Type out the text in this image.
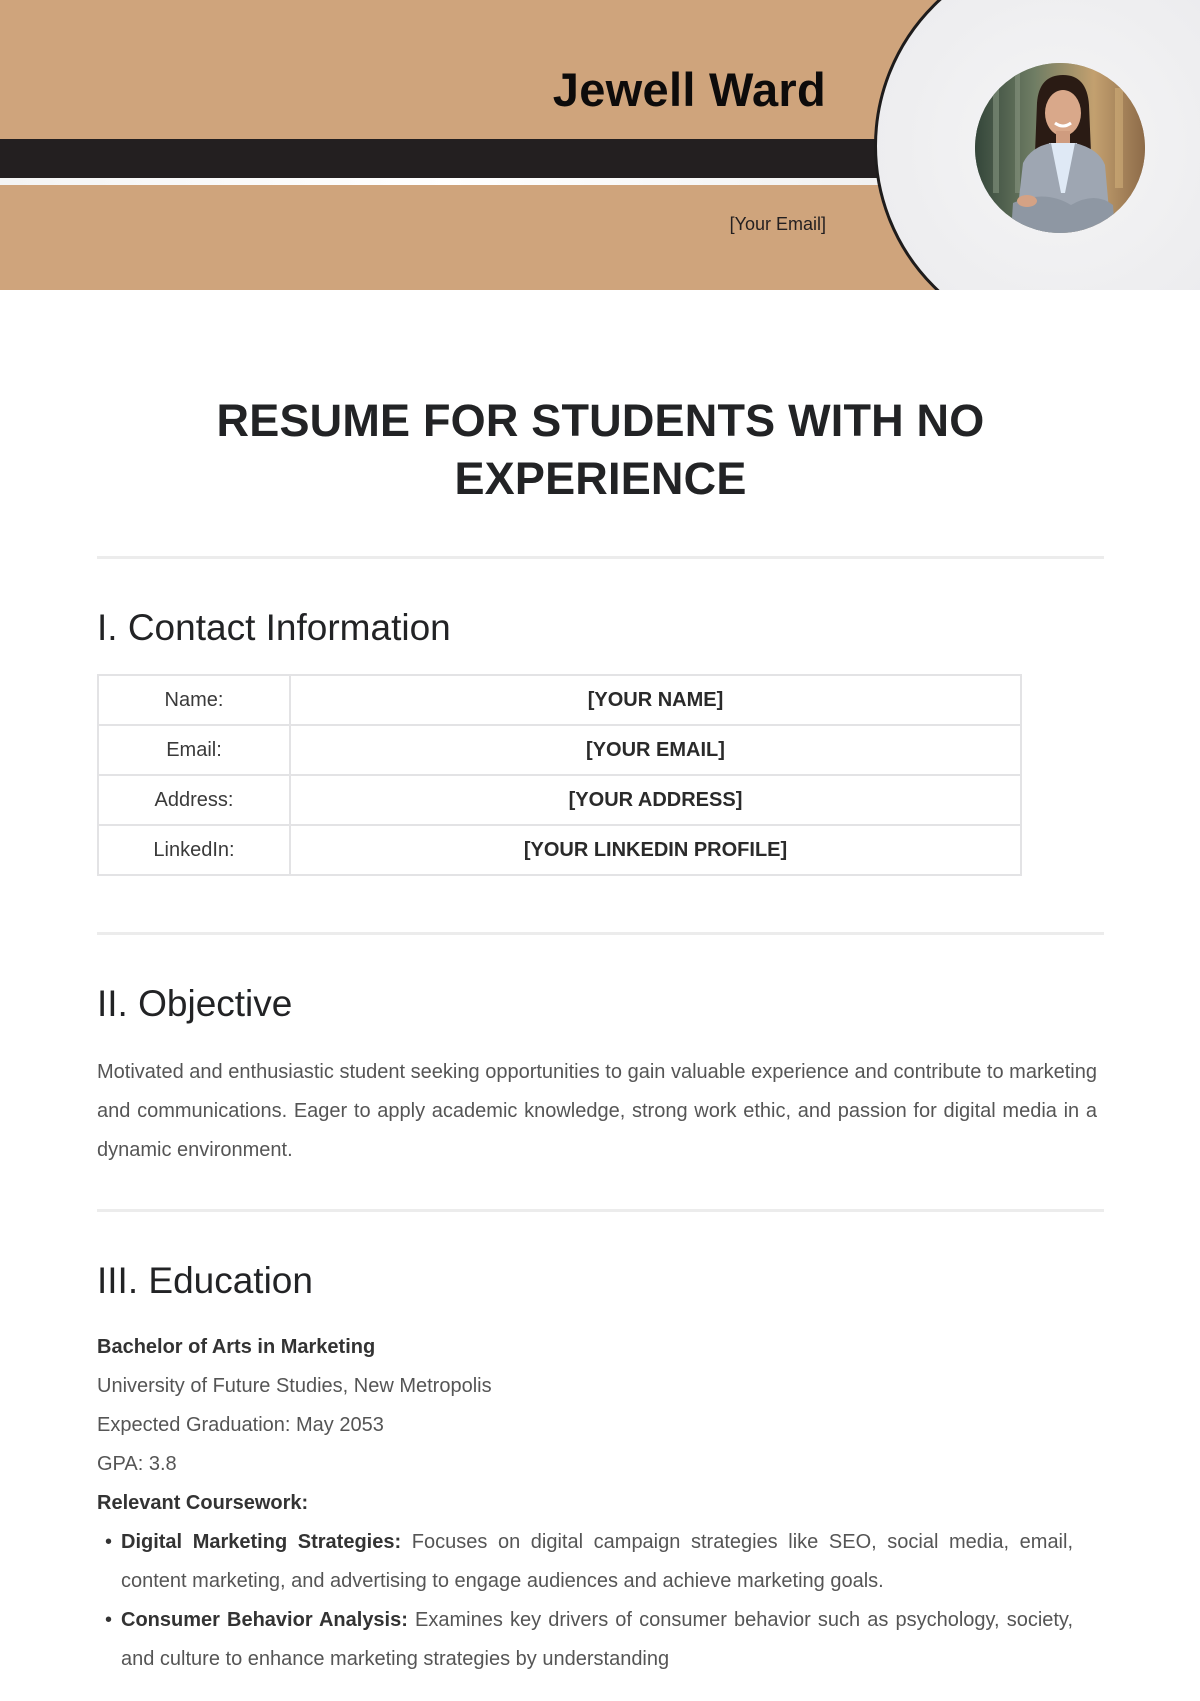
Jewell Ward
[Your Email]
RESUME FOR STUDENTS WITH NO EXPERIENCE
I. Contact Information
Name:	[YOUR NAME]
Email:	[YOUR EMAIL]
Address:	[YOUR ADDRESS]
LinkedIn:	[YOUR LINKEDIN PROFILE]
II. Objective
Motivated and enthusiastic student seeking opportunities to gain valuable experience and contribute to marketing and communications. Eager to apply academic knowledge, strong work ethic, and passion for digital media in a dynamic environment.
III. Education
Bachelor of Arts in Marketing
University of Future Studies, New Metropolis
Expected Graduation: May 2053
GPA: 3.8
Relevant Coursework:
• Digital Marketing Strategies: Focuses on digital campaign strategies like SEO, social media, email, content marketing, and advertising to engage audiences and achieve marketing goals.
• Consumer Behavior Analysis: Examines key drivers of consumer behavior such as psychology, society, and culture to enhance marketing strategies by understanding
